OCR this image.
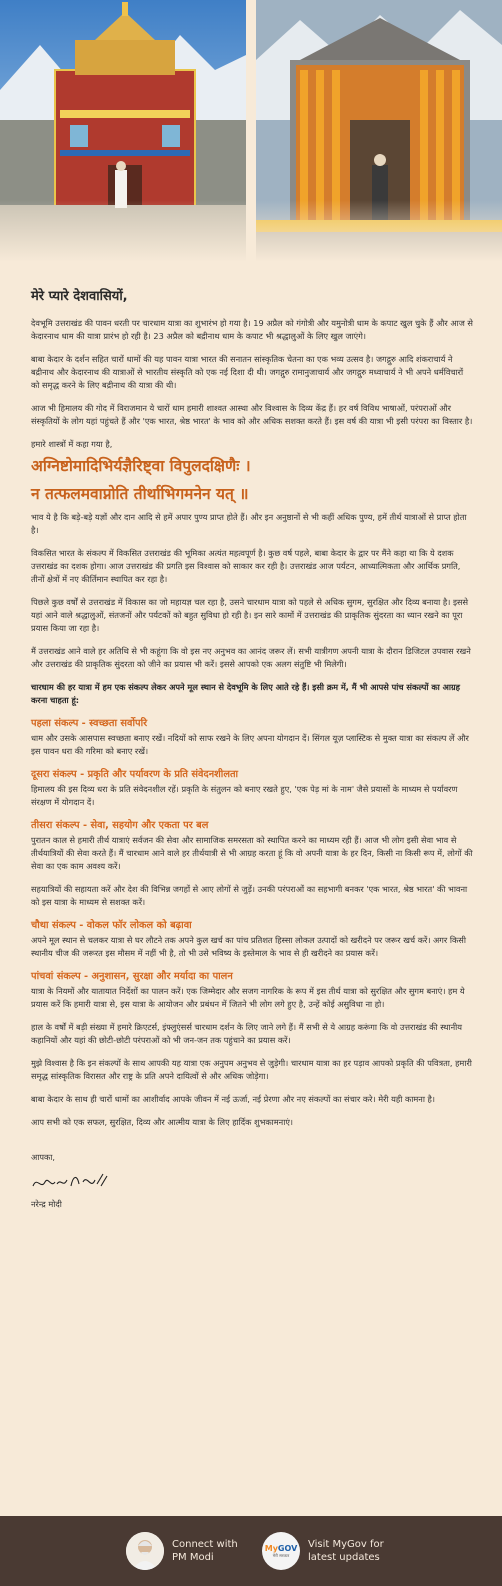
मेरे प्यारे देशवासियों,

देवभूमि उत्तराखंड की पावन धरती पर चारधाम यात्रा का शुभारंभ हो गया है। 19 अप्रैल को गंगोत्री और यमुनोत्री धाम के कपाट खुल चुके हैं और आज से केदारनाथ धाम की यात्रा प्रारंभ हो रही है। 23 अप्रैल को बद्रीनाथ धाम के कपाट भी श्रद्धालुओं के लिए खुल जाएंगे।

बाबा केदार के दर्शन सहित चारों धामों की यह पावन यात्रा भारत की सनातन सांस्कृतिक चेतना का एक भव्य उत्सव है। जगद्गुरु आदि शंकराचार्य ने बद्रीनाथ और केदारनाथ की यात्राओं से भारतीय संस्कृति को एक नई दिशा दी थी। जगद्गुरु रामानुजाचार्य और जगद्गुरु मध्वाचार्य ने भी अपने धर्मविचारों को समृद्ध करने के लिए बद्रीनाथ की यात्रा की थी।

आज भी हिमालय की गोद में विराजमान ये चारों धाम हमारी शाश्वत आस्था और विश्वास के दिव्य केंद्र हैं। हर वर्ष विविध भाषाओं, परंपराओं और संस्कृतियों के लोग यहां पहुंचते हैं और 'एक भारत, श्रेष्ठ भारत' के भाव को और अधिक सशक्त करते हैं। इस वर्ष की यात्रा भी इसी परंपरा का विस्तार है।

हमारे शास्त्रों में कहा गया है,

अग्निष्टोमादिभिर्यज्ञैरिष्ट्वा विपुलदक्षिणैः ।
न तत्फलमवाप्नोति तीर्थाभिगमनेन यत् ॥

भाव ये है कि बड़े-बड़े यज्ञों और दान आदि से हमें अपार पुण्य प्राप्त होते हैं। और इन अनुष्ठानों से भी कहीं अधिक पुण्य, हमें तीर्थ यात्राओं से प्राप्त होता है।

विकसित भारत के संकल्प में विकसित उत्तराखंड की भूमिका अत्यंत महत्वपूर्ण है। कुछ वर्ष पहले, बाबा केदार के द्वार पर मैंने कहा था कि ये दशक उत्तराखंड का दशक होगा। आज उत्तराखंड की प्रगति इस विश्वास को साकार कर रही है। उत्तराखंड आज पर्यटन, आध्यात्मिकता और आर्थिक प्रगति, तीनों क्षेत्रों में नए कीर्तिमान स्थापित कर रहा है।

पिछले कुछ वर्षों से उत्तराखंड में विकास का जो महायज्ञ चल रहा है, उसने चारधाम यात्रा को पहले से अधिक सुगम, सुरक्षित और दिव्य बनाया है। इससे यहां आने वाले श्रद्धालुओं, संतजनों और पर्यटकों को बहुत सुविधा हो रही है। इन सारे कामों में उत्तराखंड की प्राकृतिक सुंदरता का ध्यान रखने का पूरा प्रयास किया जा रहा है।

मैं उत्तराखंड आने वाले हर अतिथि से भी कहूंगा कि वो इस नए अनुभव का आनंद जरूर लें। सभी यात्रीगण अपनी यात्रा के दौरान डिजिटल उपवास रखने और उत्तराखंड की प्राकृतिक सुंदरता को जीने का प्रयास भी करें। इससे आपको एक अलग संतुष्टि भी मिलेगी।

चारधाम की हर यात्रा में हम एक संकल्प लेकर अपने मूल स्थान से देवभूमि के लिए आते रहे हैं। इसी क्रम में, मैं भी आपसे पांच संकल्पों का आग्रह करना चाहता हूं:

पहला संकल्प - स्वच्छता सर्वोपरि

धाम और उसके आसपास स्वच्छता बनाए रखें। नदियों को साफ रखने के लिए अपना योगदान दें। सिंगल यूज़ प्लास्टिक से मुक्त यात्रा का संकल्प लें और इस पावन धरा की गरिमा को बनाए रखें।

दूसरा संकल्प - प्रकृति और पर्यावरण के प्रति संवेदनशीलता

हिमालय की इस दिव्य धरा के प्रति संवेदनशील रहें। प्रकृति के संतुलन को बनाए रखते हुए, 'एक पेड़ मां के नाम' जैसे प्रयासों के माध्यम से पर्यावरण संरक्षण में योगदान दें।

तीसरा संकल्प - सेवा, सहयोग और एकता पर बल

पुरातन काल से हमारी तीर्थ यात्राएं सर्वजन की सेवा और सामाजिक समरसता को स्थापित करने का माध्यम रही हैं। आज भी लोग इसी सेवा भाव से तीर्थयात्रियों की सेवा करते हैं। मैं चारधाम आने वाले हर तीर्थयात्री से भी आग्रह करता हूं कि वो अपनी यात्रा के हर दिन, किसी ना किसी रूप में, लोगों की सेवा का एक काम अवश्य करें।

सहयात्रियों की सहायता करें और देश की विभिन्न जगहों से आए लोगों से जुड़ें। उनकी परंपराओं का सहभागी बनकर 'एक भारत, श्रेष्ठ भारत' की भावना को इस यात्रा के माध्यम से सशक्त करें।

चौथा संकल्प - वोकल फॉर लोकल को बढ़ावा

अपने मूल स्थान से चलकर यात्रा से घर लौटने तक अपने कुल खर्च का पांच प्रतिशत हिस्सा लोकल उत्पादों को खरीदने पर जरूर खर्च करें। अगर किसी स्थानीय चीज की जरूरत इस मौसम में नहीं भी है, तो भी उसे भविष्य के इस्तेमाल के भाव से ही खरीदने का प्रयास करें।

पांचवां संकल्प - अनुशासन, सुरक्षा और मर्यादा का पालन

यात्रा के नियमों और यातायात निर्देशों का पालन करें। एक जिम्मेदार और सजग नागरिक के रूप में इस तीर्थ यात्रा को सुरक्षित और सुगम बनाएं। हम ये प्रयास करें कि हमारी यात्रा से, इस यात्रा के आयोजन और प्रबंधन में जितने भी लोग लगे हुए है, उन्हें कोई असुविधा ना हो।

हाल के वर्षों में बड़ी संख्या में हमारे क्रिएटर्स, इंफ्लुएंसर्स चारधाम दर्शन के लिए जाने लगे हैं। मैं सभी से ये आग्रह करूंगा कि वो उत्तराखंड की स्थानीय कहानियों और यहां की छोटी-छोटी परंपराओं को भी जन-जन तक पहुंचाने का प्रयास करें।

मुझे विश्वास है कि इन संकल्पों के साथ आपकी यह यात्रा एक अनुपम अनुभव से जुड़ेगी। चारधाम यात्रा का हर पड़ाव आपको प्रकृति की पवित्रता, हमारी समृद्ध सांस्कृतिक विरासत और राष्ट्र के प्रति अपने दायित्वों से और अधिक जोड़ेगा।

बाबा केदार के साथ ही चारों धामों का आशीर्वाद आपके जीवन में नई ऊर्जा, नई प्रेरणा और नए संकल्पों का संचार करे। मेरी यही कामना है।

आप सभी को एक सफल, सुरक्षित, दिव्य और आत्मीय यात्रा के लिए हार्दिक शुभकामनाएं।

आपका,
नरेन्द्र मोदी
Connect with
PM Modi
MyGOV
मेरी सरकार
Visit MyGov for
latest updates
